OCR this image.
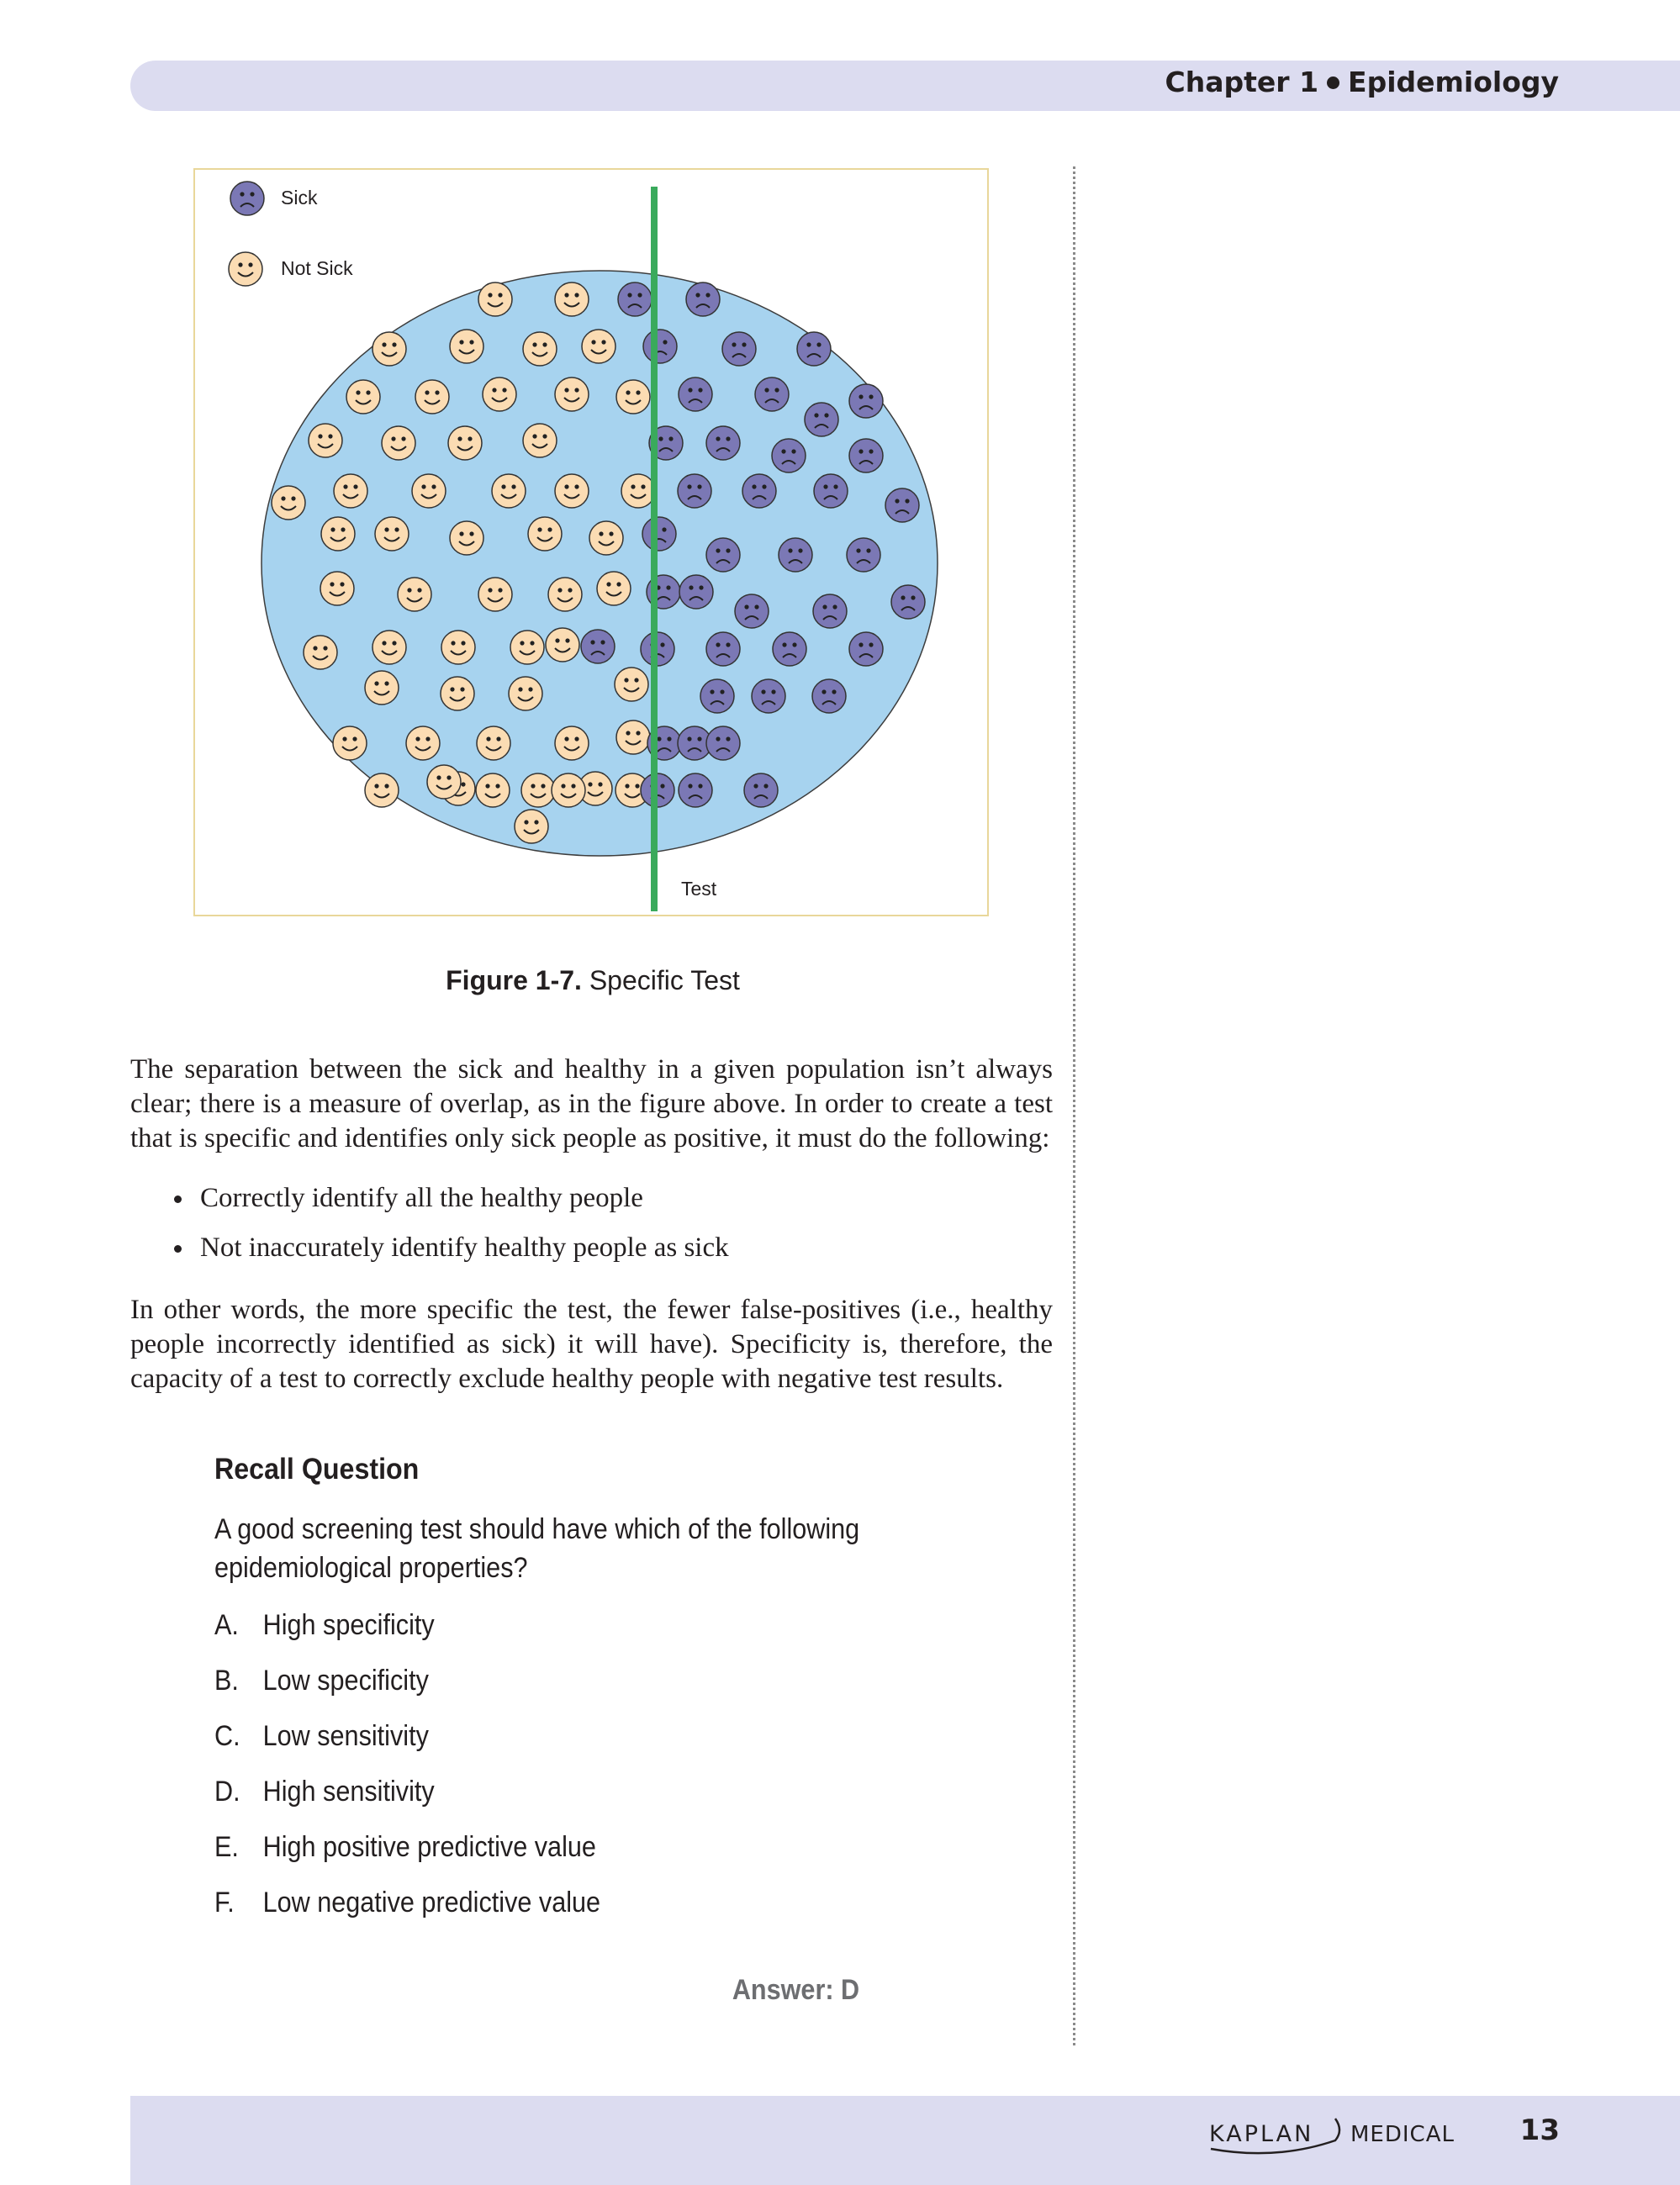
Chapter 1 Epidemiology
Test
Sick
Not Sick
Figure 1-7. Specific Test
The separation between the sick and healthy in a given population isn’t always clear; there is a measure of overlap, as in the figure above. In order to create a test that is specific and identifies only sick people as positive, it must do the following:
Correctly identify all the healthy people
Not inaccurately identify healthy people as sick
In other words, the more specific the test, the fewer false-positives (i.e., healthy people incorrectly identified as sick) it will have). Specificity is, therefore, the capacity of a test to correctly exclude healthy people with negative test results.
Recall Question
A good screening test should have which of the following epidemiological properties?
A. High specificity
B. Low specificity
C. Low sensitivity
D. High sensitivity
E. High positive predictive value
F. Low negative predictive value
Answer: D
KAPLAN MEDICAL 13
